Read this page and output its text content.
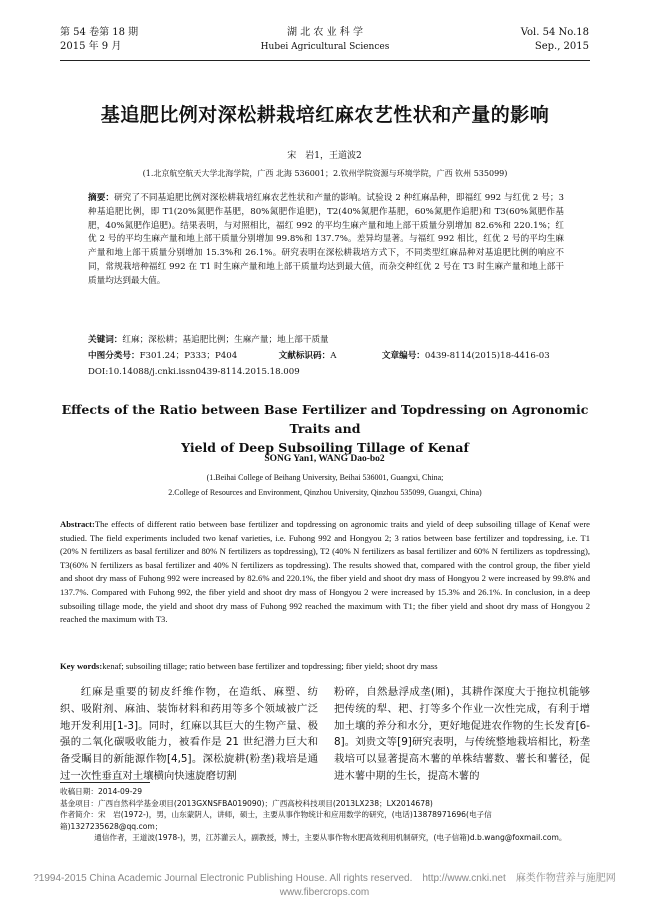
第 54 卷第 18 期
2015 年 9 月
湖 北 农 业 科 学
Hubei Agricultural Sciences
Vol. 54 No.18
Sep., 2015
基追肥比例对深松耕栽培红麻农艺性状和产量的影响
宋　岩1，王道波2
(1.北京航空航天大学北海学院，广西 北海 536001；2.钦州学院资源与环境学院，广西 钦州 535099)
摘要：研究了不同基追肥比例对深松耕栽培红麻农艺性状和产量的影响。试验设 2 种红麻品种，即福红 992 与红优 2 号；3 种基追肥比例，即 T1(20%氮肥作基肥，80%氮肥作追肥)，T2(40%氮肥作基肥，60%氮肥作追肥)和 T3(60%氮肥作基肥，40%氮肥作追肥)。结果表明，与对照相比，福红 992 的平均生麻产量和地上部干质量分别增加 82.6%和 220.1%；红优 2 号的平均生麻产量和地上部干质量分别增加 99.8%和 137.7%。差异均显著。与福红 992 相比，红优 2 号的平均生麻产量和地上部干质量分别增加 15.3%和 26.1%。研究表明在深松耕栽培方式下，不同类型红麻品种对基追肥比例的响应不同，常规栽培种福红 992 在 T1 时生麻产量和地上部干质量均达到最大值，而杂交种红优 2 号在 T3 时生麻产量和地上部干质量均达到最大值。
关键词：红麻；深松耕；基追肥比例；生麻产量；地上部干质量
中图分类号：F301.24；P333；P404	文献标识码：A	文章编号：0439-8114(2015)18-4416-03
DOI:10.14088/j.cnki.issn0439-8114.2015.18.009
Effects of the Ratio between Base Fertilizer and Topdressing on Agronomic Traits and
Yield of Deep Subsoiling Tillage of Kenaf
SONG Yan1, WANG Dao-bo2
(1.Beihai College of Beihang University, Beihai 536001, Guangxi, China;
2.College of Resources and Environment, Qinzhou University, Qinzhou 535099, Guangxi, China)
Abstract:The effects of different ratio between base fertilizer and topdressing on agronomic traits and yield of deep subsoiling tillage of Kenaf were studied. The field experiments included two kenaf varieties, i.e. Fuhong 992 and Hongyou 2; 3 ratios between base fertilizer and topdressing, i.e. T1 (20% N fertilizers as basal fertilizer and 80% N fertilizers as topdressing), T2 (40% N fertilizers as basal fertilizer and 60% N fertilizers as topdressing), T3(60% N fertilizers as basal fertilizer and 40% N fertilizers as topdressing). The results showed that, compared with the control group, the fiber yield and shoot dry mass of Fuhong 992 were increased by 82.6% and 220.1%, the fiber yield and shoot dry mass of Hongyou 2 were increased by 99.8% and 137.7%. Compared with Fuhong 992, the fiber yield and shoot dry mass of Hongyou 2 were increased by 15.3% and 26.1%. In conclusion, in a deep subsoiling tillage mode, the yield and shoot dry mass of Fuhong 992 reached the maximum with T1; the fiber yield and shoot dry mass of Hongyou 2 reached the maximum with T3.
Key words:kenaf; subsoiling tillage; ratio between base fertilizer and topdressing; fiber yield; shoot dry mass
红麻是重要的韧皮纤维作物，在造纸、麻塑、纺织、吸附剂、麻油、装饰材料和药用等多个领域被广泛地开发利用[1-3]。同时，红麻以其巨大的生物产量、极强的二氧化碳吸收能力，被看作是 21 世纪潜力巨大和备受瞩目的新能源作物[4,5]。深松旋耕(粉垄)栽培是通过一次性垂直对土壤横向快速旋磨切割
粉碎，自然悬浮成垄(厢)，其耕作深度大于拖拉机能够把传统的犁、耙、打等多个作业一次性完成，有利于增加土壤的养分和水分，更好地促进农作物的生长发育[6-8]。刘贵文等[9]研究表明，与传统整地栽培相比，粉垄栽培可以显著提高木薯的单株结薯数、薯长和薯径，促进木薯中期的生长，提高木薯的
收稿日期：2014-09-29
基金项目：广西自然科学基金项目(2013GXNSFBA019090)；广西高校科技项目(2013LX238；LX2014678)
作者简介：宋　岩(1972-)，男，山东蒙阴人，讲师，硕士，主要从事作物统计和应用数学的研究，(电话)13878971696(电子信箱)1327235628@qq.com；
通信作者，王道波(1978-)，男，江苏灌云人，副教授，博士，主要从事作物水肥高效利用机制研究，(电子信箱)d.b.wang@foxmail.com。
?1994-2015 China Academic Journal Electronic Publishing House. All rights reserved.　http://www.cnki.net　麻类作物营养与施肥网 www.fibercrops.com
